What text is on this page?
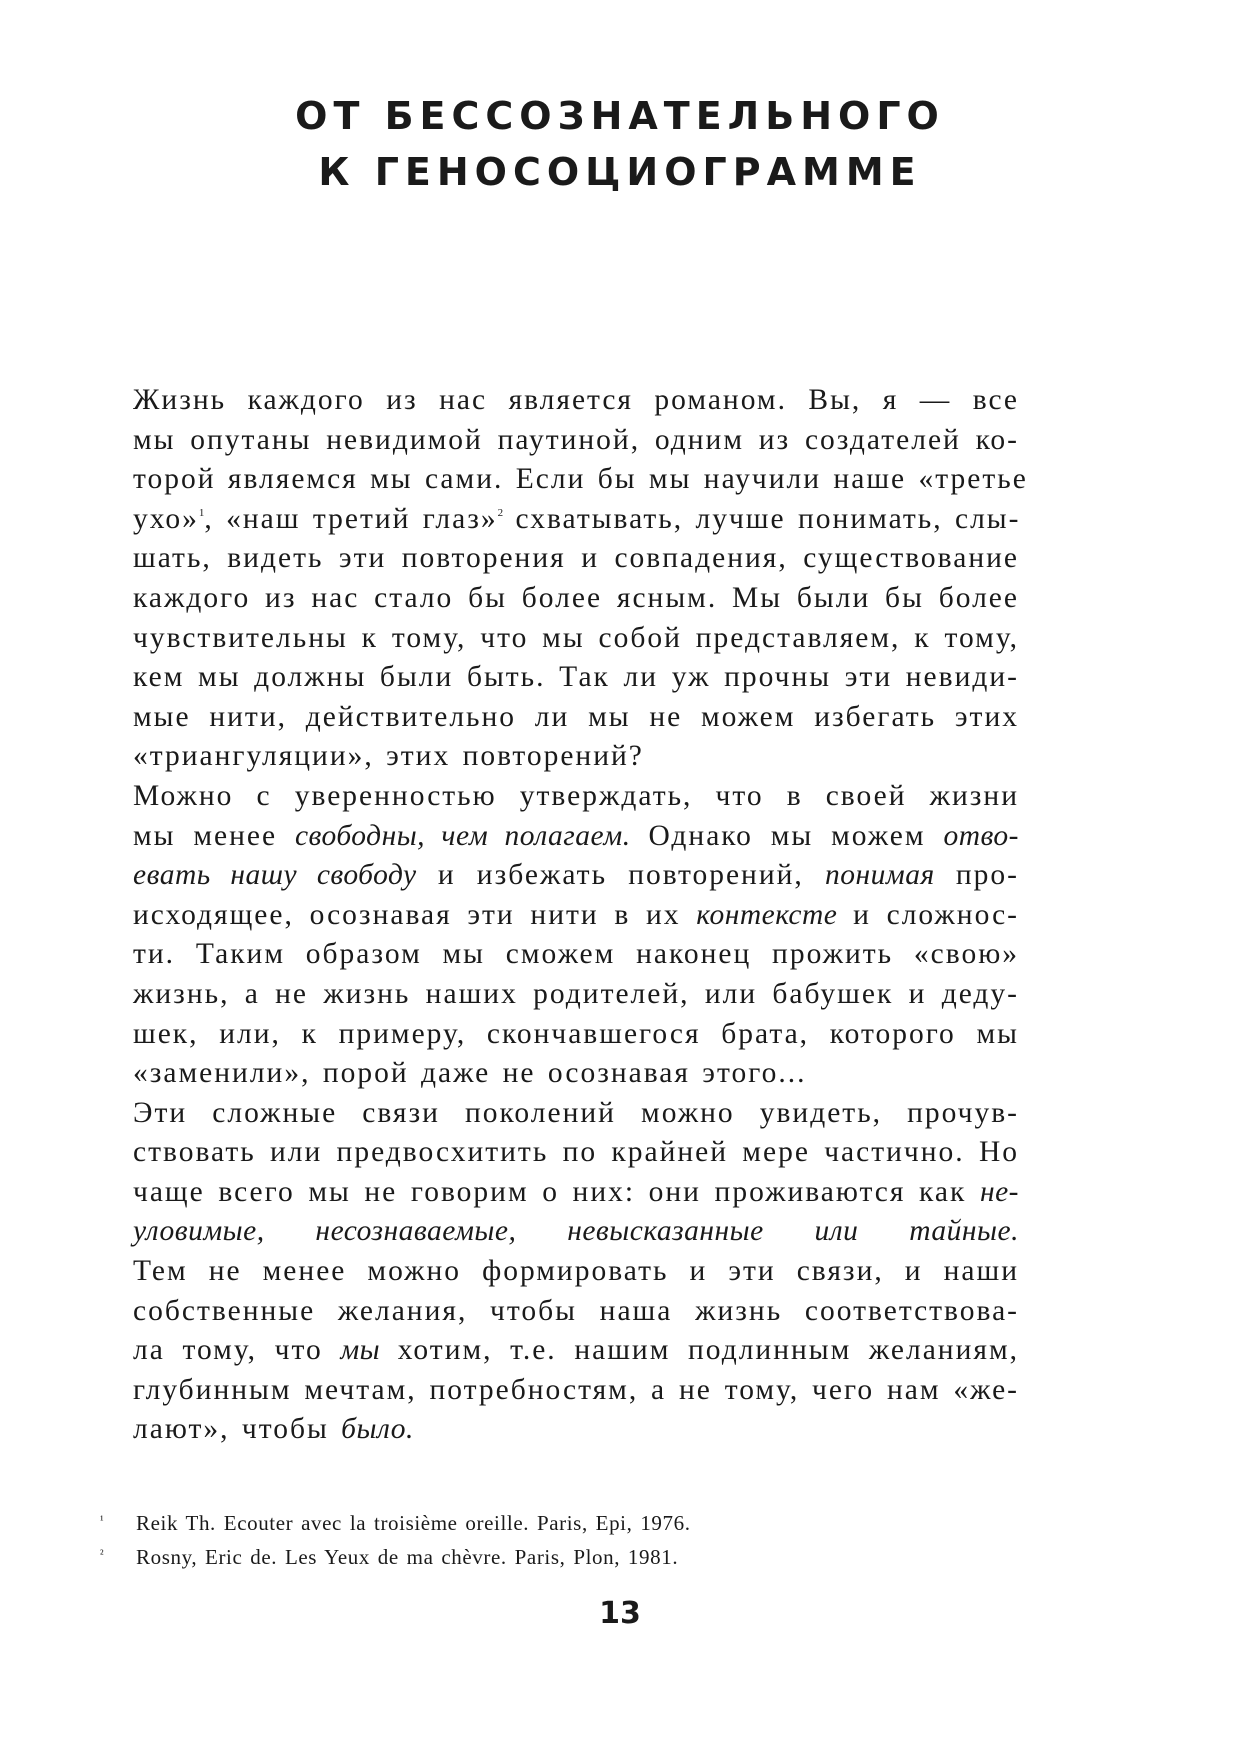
ОТ БЕССОЗНАТЕЛЬНОГО
К ГЕНОСОЦИОГРАММЕ
Жизнь каждого из нас является романом. Вы, я — все
мы опутаны невидимой паутиной, одним из создателей ко-
торой являемся мы сами. Если бы мы научили наше «третье
ухо»$^1$, «наш третий глаз»$^2$ схватывать, лучше понимать, слы-
шать, видеть эти повторения и совпадения, существование
каждого из нас стало бы более ясным. Мы были бы более
чувствительны к тому, что мы собой представляем, к тому,
кем мы должны были быть. Так ли уж прочны эти невиди-
мые нити, действительно ли мы не можем избегать этих
«триангуляции», этих повторений?
Можно с уверенностью утверждать, что в своей жизни
мы менее свободны, чем полагаем. Однако мы можем отво-
евать нашу свободу и избежать повторений, понимая про-
исходящее, осознавая эти нити в их контексте и сложнос-
ти. Таким образом мы сможем наконец прожить «свою»
жизнь, а не жизнь наших родителей, или бабушек и деду-
шек, или, к примеру, скончавшегося брата, которого мы
«заменили», порой даже не осознавая этого...
Эти сложные связи поколений можно увидеть, прочув-
ствовать или предвосхитить по крайней мере частично. Но
чаще всего мы не говорим о них: они проживаются как не-
уловимые, несознаваемые, невысказанные или тайные.
Тем не менее можно формировать и эти связи, и наши
собственные желания, чтобы наша жизнь соответствова-
ла тому, что мы хотим, т.е. нашим подлинным желаниям,
глубинным мечтам, потребностям, а не тому, чего нам «же-
лают», чтобы было.
¹ Reik Th. Ecouter avec la troisième oreille. Paris, Epi, 1976.
² Rosny, Eric de. Les Yeux de ma chèvre. Paris, Plon, 1981.
13
